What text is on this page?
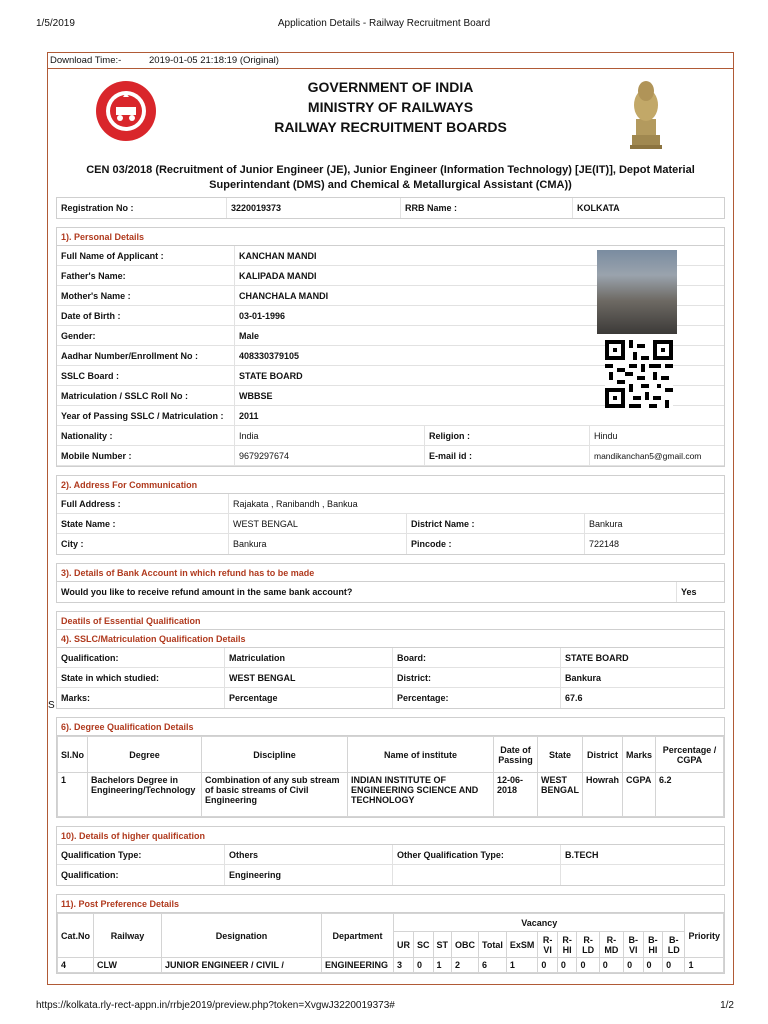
Application Details - Railway Recruitment Board
1/5/2019
Download Time:-	2019-01-05 21:18:19 (Original)
GOVERNMENT OF INDIA
MINISTRY OF RAILWAYS
RAILWAY RECRUITMENT BOARDS
CEN 03/2018 (Recruitment of Junior Engineer (JE), Junior Engineer (Information Technology) [JE(IT)], Depot Material Superintendant (DMS) and Chemical & Metallurgical Assistant (CMA))
Registration No :	3220019373	RRB Name :	KOLKATA
1). Personal Details
Full Name of Applicant :	KANCHAN MANDI
Father's Name:	KALIPADA MANDI
Mother's Name :	CHANCHALA MANDI
Date of Birth :	03-01-1996
Gender:	Male
Aadhar Number/Enrollment No :	408330379105
SSLC Board :	STATE BOARD
Matriculation / SSLC Roll No :	WBBSE
Year of Passing SSLC / Matriculation :	2011
Nationality :	India	Religion :	Hindu
Mobile Number :	9679297674	E-mail id :	mandikanchan5@gmail.com
2). Address For Communication
Full Address :	Rajakata , Ranibandh , Bankua
State Name :	WEST BENGAL	District Name :	Bankura
City :	Bankura	Pincode :	722148
3). Details of Bank Account in which refund has to be made
Would you like to receive refund amount in the same bank account?	Yes
Deatils of Essential Qualification
4). SSLC/Matriculation Qualification Details
Qualification:	Matriculation	Board:	STATE BOARD
State in which studied:	WEST BENGAL	District:	Bankura
Marks:	Percentage	Percentage:	67.6
6). Degree Qualification Details
Sl.No	Degree	Discipline	Name of institute	Date of Passing	State	District	Marks	Percentage / CGPA
1	Bachelors Degree in Engineering/Technology	Combination of any sub stream of basic streams of Civil Engineering	INDIAN INSTITUTE OF ENGINEERING SCIENCE AND TECHNOLOGY	12-06-2018	WEST BENGAL	Howrah	CGPA	6.2
10). Details of higher qualification
Qualification Type:	Others	Other Qualification Type:	B.TECH
Qualification:	Engineering
11). Post Preference Details
Cat.No	Railway	Designation	Department	Vacancy													Priority
				UR	SC	ST	OBC	Total	ExSM	R-VI	R-HI	R-LD	R-MD	B-VI	B-HI	B-LD	
4	CLW	JUNIOR ENGINEER / CIVIL /	ENGINEERING	3	0	1	2	6	1	0	0	0	0	0	0	0	1
S
https://kolkata.rly-rect-appn.in/rrbje2019/preview.php?token=XvgwJ3220019373#	1/2
